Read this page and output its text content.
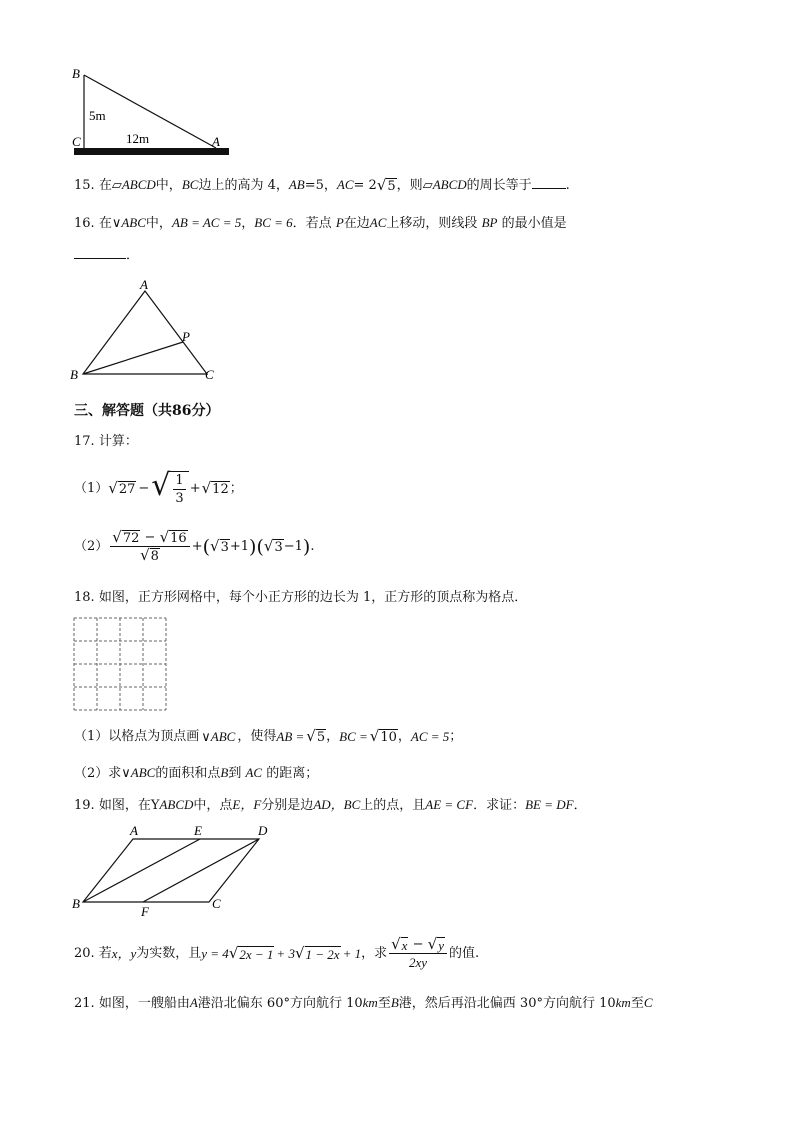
B
5m
C	12m	A
15. 在▱ABCD中，BC边上的高为 4，AB=5，AC= 2 √ 5 ，则▱ABCD的周长等于	.
16. 在∨ABC中，AB = AC = 5，BC = 6．若点 P在边AC上移动，则线段 BP 的最小值是
．
A
P
B	C
三、解答题（共86分）
17. 计算：
（1） √ 27 − √ $\frac{1}{3}$ + √ 12 ；
$(2) \frac{√ 72 - √ 16}{√ 8}$ + ( √ 3 +1 ) ( √ 3 −1 ) .
18. 如图，正方形网格中，每个小正方形的边长为 1，正方形的顶点称为格点．
（1）以格点为顶点画 ∨ABC ，使得 AB = √ 5 ， BC = √ 10 ， AC = 5 ；
（2）求∨ABC的面积和点B到 AC 的距离；
19. 如图，在YABCD中，点E，F分别是边AD，BC上的点，且AE = CF．求证：BE = DF．
A	E	D
B
F
C
20. 若 x，y 为实数，且 y = 4 √ 2x − 1 + 3 √ 1 − 2x + 1 ，求 $\frac{√ x - √ y}{2xy}$ 的值.
21. 如图，一艘船由A港沿北偏东 60°方向航行 10km至B港，然后再沿北偏西 30°方向航行 10km至C
